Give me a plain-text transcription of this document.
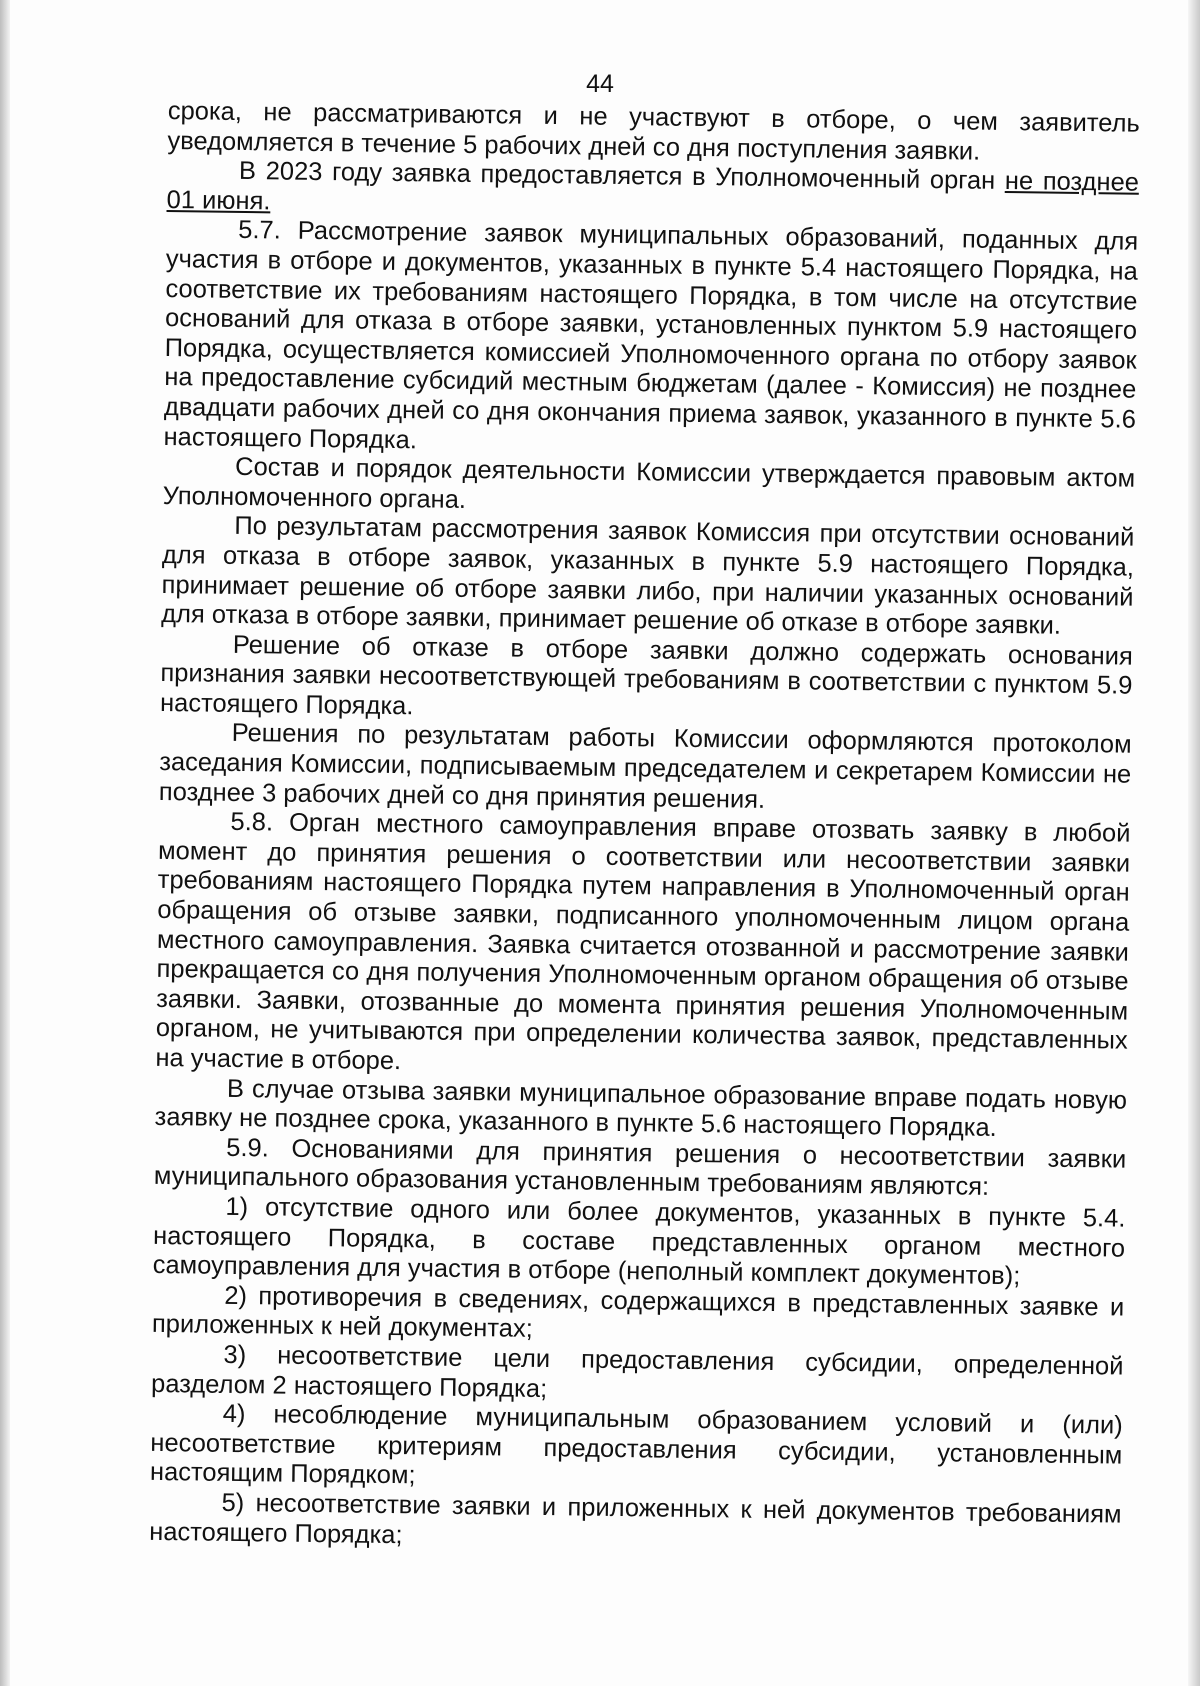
44

срока, не рассматриваются и не участвуют в отборе, о чем заявитель уведомляется в течение 5 рабочих дней со дня поступления заявки.

В 2023 году заявка предоставляется в Уполномоченный орган не позднее 01 июня.

5.7. Рассмотрение заявок муниципальных образований, поданных для участия в отборе и документов, указанных в пункте 5.4 настоящего Порядка, на соответствие их требованиям настоящего Порядка, в том числе на отсутствие оснований для отказа в отборе заявки, установленных пунктом 5.9 настоящего Порядка, осуществляется комиссией Уполномоченного органа по отбору заявок на предоставление субсидий местным бюджетам (далее - Комиссия) не позднее двадцати рабочих дней со дня окончания приема заявок, указанного в пункте 5.6 настоящего Порядка.

Состав и порядок деятельности Комиссии утверждается правовым актом Уполномоченного органа.

По результатам рассмотрения заявок Комиссия при отсутствии оснований для отказа в отборе заявок, указанных в пункте 5.9 настоящего Порядка, принимает решение об отборе заявки либо, при наличии указанных оснований для отказа в отборе заявки, принимает решение об отказе в отборе заявки.

Решение об отказе в отборе заявки должно содержать основания признания заявки несоответствующей требованиям в соответствии с пунктом 5.9 настоящего Порядка.

Решения по результатам работы Комиссии оформляются протоколом заседания Комиссии, подписываемым председателем и секретарем Комиссии не позднее 3 рабочих дней со дня принятия решения.

5.8. Орган местного самоуправления вправе отозвать заявку в любой момент до принятия решения о соответствии или несоответствии заявки требованиям настоящего Порядка путем направления в Уполномоченный орган обращения об отзыве заявки, подписанного уполномоченным лицом органа местного самоуправления. Заявка считается отозванной и рассмотрение заявки прекращается со дня получения Уполномоченным органом обращения об отзыве заявки. Заявки, отозванные до момента принятия решения Уполномоченным органом, не учитываются при определении количества заявок, представленных на участие в отборе.

В случае отзыва заявки муниципальное образование вправе подать новую заявку не позднее срока, указанного в пункте 5.6 настоящего Порядка.

5.9. Основаниями для принятия решения о несоответствии заявки муниципального образования установленным требованиям являются:

1) отсутствие одного или более документов, указанных в пункте 5.4. настоящего Порядка, в составе представленных органом местного самоуправления для участия в отборе (неполный комплект документов);

2) противоречия в сведениях, содержащихся в представленных заявке и приложенных к ней документах;

3) несоответствие цели предоставления субсидии, определенной разделом 2 настоящего Порядка;

4) несоблюдение муниципальным образованием условий и (или) несоответствие критериям предоставления субсидии, установленным настоящим Порядком;

5) несоответствие заявки и приложенных к ней документов требованиям настоящего Порядка;
